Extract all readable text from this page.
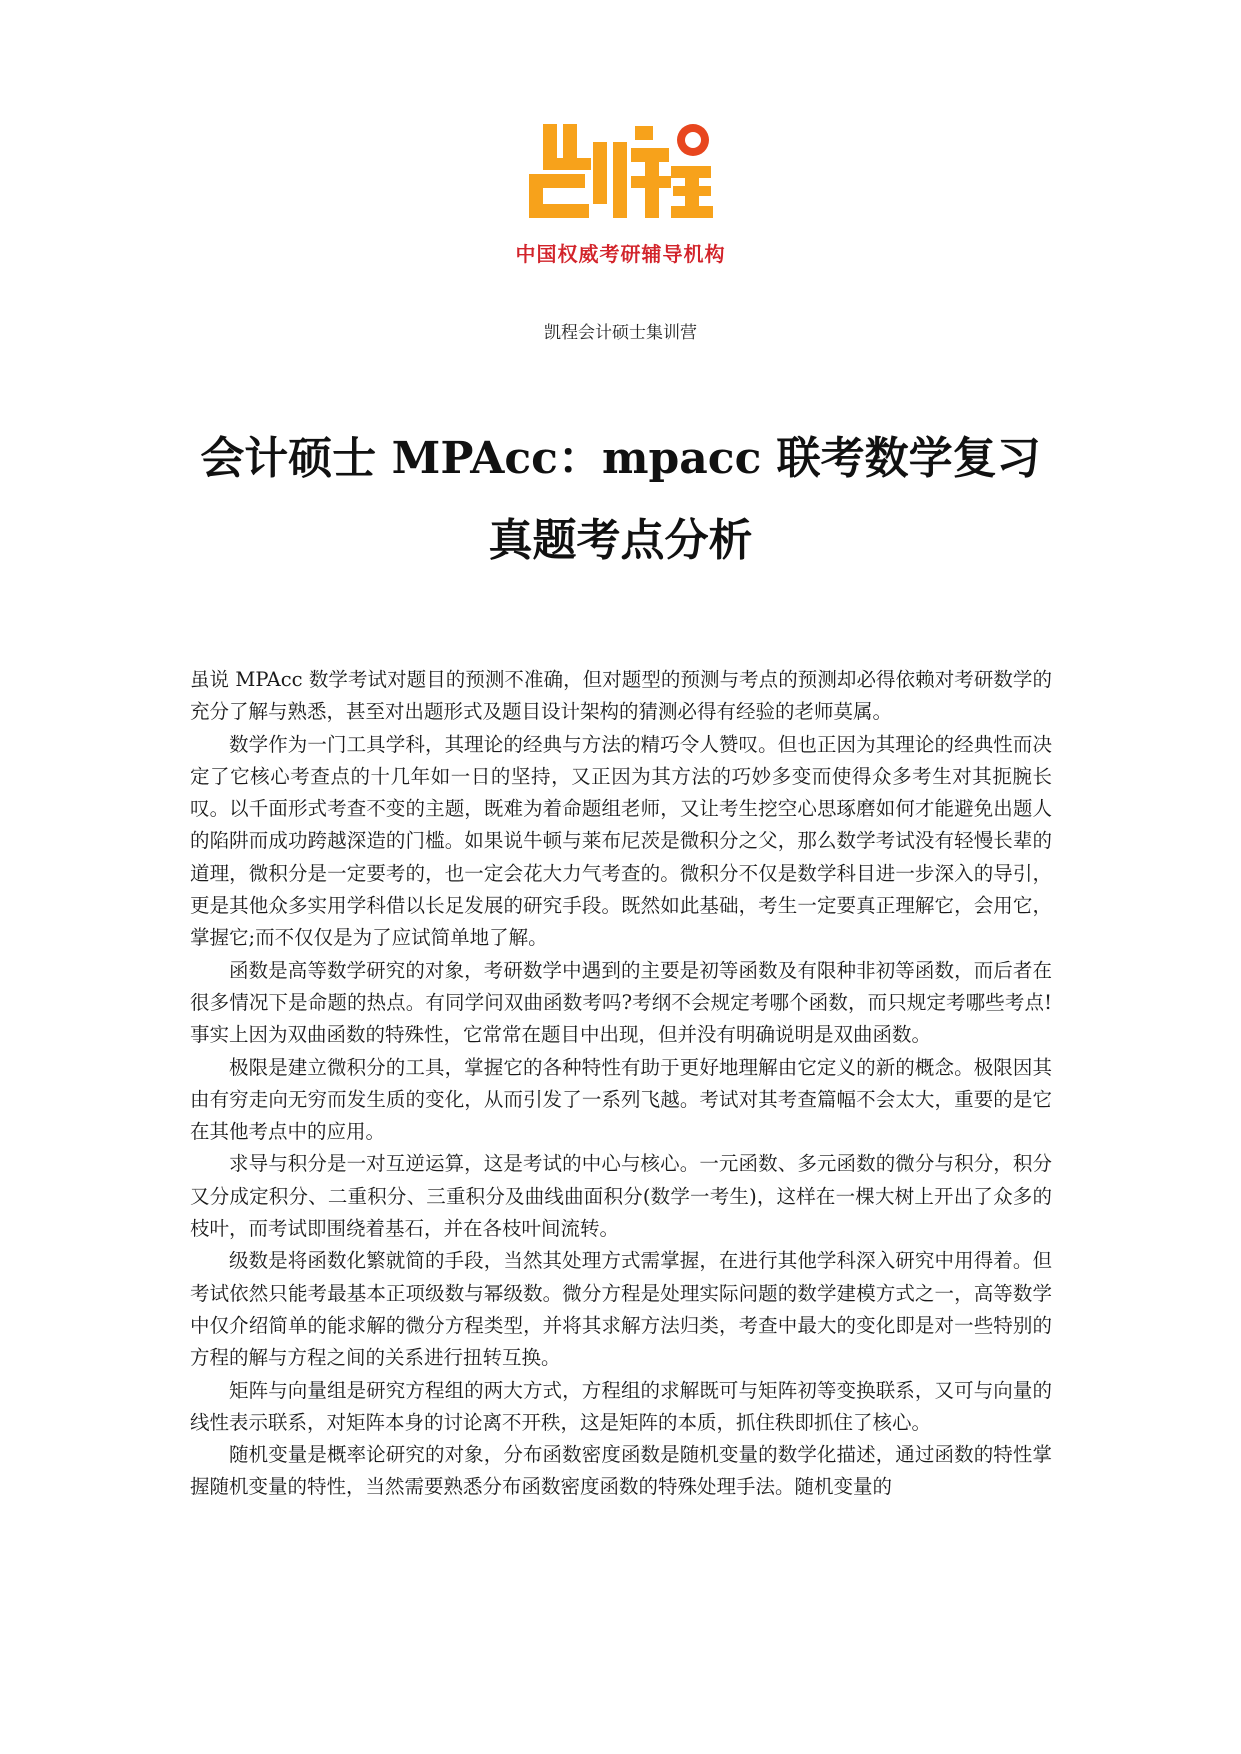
中国权威考研辅导机构
凯程会计硕士集训营
会计硕士 MPAcc：mpacc 联考数学复习真题考点分析

虽说 MPAcc 数学考试对题目的预测不准确，但对题型的预测与考点的预测却必得依赖对考研数学的充分了解与熟悉，甚至对出题形式及题目设计架构的猜测必得有经验的老师莫属。

数学作为一门工具学科，其理论的经典与方法的精巧令人赞叹。但也正因为其理论的经典性而决定了它核心考查点的十几年如一日的坚持，又正因为其方法的巧妙多变而使得众多考生对其扼腕长叹。以千面形式考查不变的主题，既难为着命题组老师，又让考生挖空心思琢磨如何才能避免出题人的陷阱而成功跨越深造的门槛。如果说牛顿与莱布尼茨是微积分之父，那么数学考试没有轻慢长辈的道理，微积分是一定要考的，也一定会花大力气考查的。微积分不仅是数学科目进一步深入的导引，更是其他众多实用学科借以长足发展的研究手段。既然如此基础，考生一定要真正理解它，会用它，掌握它;而不仅仅是为了应试简单地了解。

函数是高等数学研究的对象，考研数学中遇到的主要是初等函数及有限种非初等函数，而后者在很多情况下是命题的热点。有同学问双曲函数考吗?考纲不会规定考哪个函数，而只规定考哪些考点!事实上因为双曲函数的特殊性，它常常在题目中出现，但并没有明确说明是双曲函数。

极限是建立微积分的工具，掌握它的各种特性有助于更好地理解由它定义的新的概念。极限因其由有穷走向无穷而发生质的变化，从而引发了一系列飞越。考试对其考查篇幅不会太大，重要的是它在其他考点中的应用。

求导与积分是一对互逆运算，这是考试的中心与核心。一元函数、多元函数的微分与积分，积分又分成定积分、二重积分、三重积分及曲线曲面积分(数学一考生)，这样在一棵大树上开出了众多的枝叶，而考试即围绕着基石，并在各枝叶间流转。

级数是将函数化繁就简的手段，当然其处理方式需掌握，在进行其他学科深入研究中用得着。但考试依然只能考最基本正项级数与幂级数。微分方程是处理实际问题的数学建模方式之一，高等数学中仅介绍简单的能求解的微分方程类型，并将其求解方法归类，考查中最大的变化即是对一些特别的方程的解与方程之间的关系进行扭转互换。

矩阵与向量组是研究方程组的两大方式，方程组的求解既可与矩阵初等变换联系，又可与向量的线性表示联系，对矩阵本身的讨论离不开秩，这是矩阵的本质，抓住秩即抓住了核心。

随机变量是概率论研究的对象，分布函数密度函数是随机变量的数学化描述，通过函数的特性掌握随机变量的特性，当然需要熟悉分布函数密度函数的特殊处理手法。随机变量的
